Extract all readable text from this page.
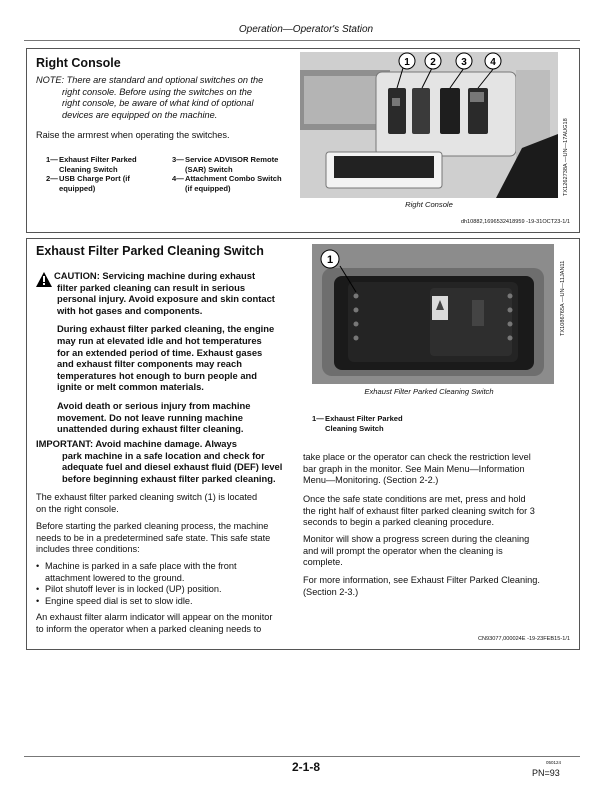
Operation—Operator's Station
Right Console
NOTE: There are standard and optional switches on the
right console. Before using the switches on the
right console, be aware of what kind of optional
devices are equipped on the machine.

Raise the armrest when operating the switches.

1— Exhaust Filter Parked
Cleaning Switch
2— USB Charge Port (if
equipped)
3— Service ADVISOR Remote
(SAR) Switch
4— Attachment Combo Switch
(if equipped)
1 2	3 4
TX1262738A —UN—17AUG18
Right Console
dh10882,1696532418959 -19-31OCT23-1/1
Exhaust Filter Parked Cleaning Switch

CAUTION: Servicing machine during exhaust
filter parked cleaning can result in serious
personal injury. Avoid exposure and skin contact
with hot gases and components.

During exhaust filter parked cleaning, the engine
may run at elevated idle and hot temperatures
for an extended period of time. Exhaust gases
and exhaust filter components may reach
temperatures hot enough to burn people and
ignite or melt common materials.

Avoid death or serious injury from machine
movement. Do not leave running machine
unattended during exhaust filter cleaning.

IMPORTANT: Avoid machine damage. Always
park machine in a safe location and check for
adequate fuel and diesel exhaust fluid (DEF) level
before beginning exhaust filter parked cleaning.
The exhaust filter parked cleaning switch (1) is located
on the right console.
Before starting the parked cleaning process, the machine
needs to be in a predetermined safe state. This safe state
includes three conditions:
• Machine is parked in a safe place with the front
attachment lowered to the ground.
• Pilot shutoff lever is in locked (UP) position.
• Engine speed dial is set to slow idle.
An exhaust filter alarm indicator will appear on the monitor
to inform the operator when a parked cleaning needs to
1
TX1086765A —UN—11JAN11
Exhaust Filter Parked Cleaning Switch
1— Exhaust Filter Parked
Cleaning Switch
take place or the operator can check the restriction level
bar graph in the monitor. See Main Menu—Information
Menu—Monitoring. (Section 2-2.)
Once the safe state conditions are met, press and hold
the right half of exhaust filter parked cleaning switch for 3
seconds to begin a parked cleaning procedure.
Monitor will show a progress screen during the cleaning
and will prompt the operator when the cleaning is
complete.
For more information, see Exhaust Filter Parked Cleaning.
(Section 2-3.)
CN93077,000024E -19-23FEB15-1/1
2-1-8	050124
PN=93
